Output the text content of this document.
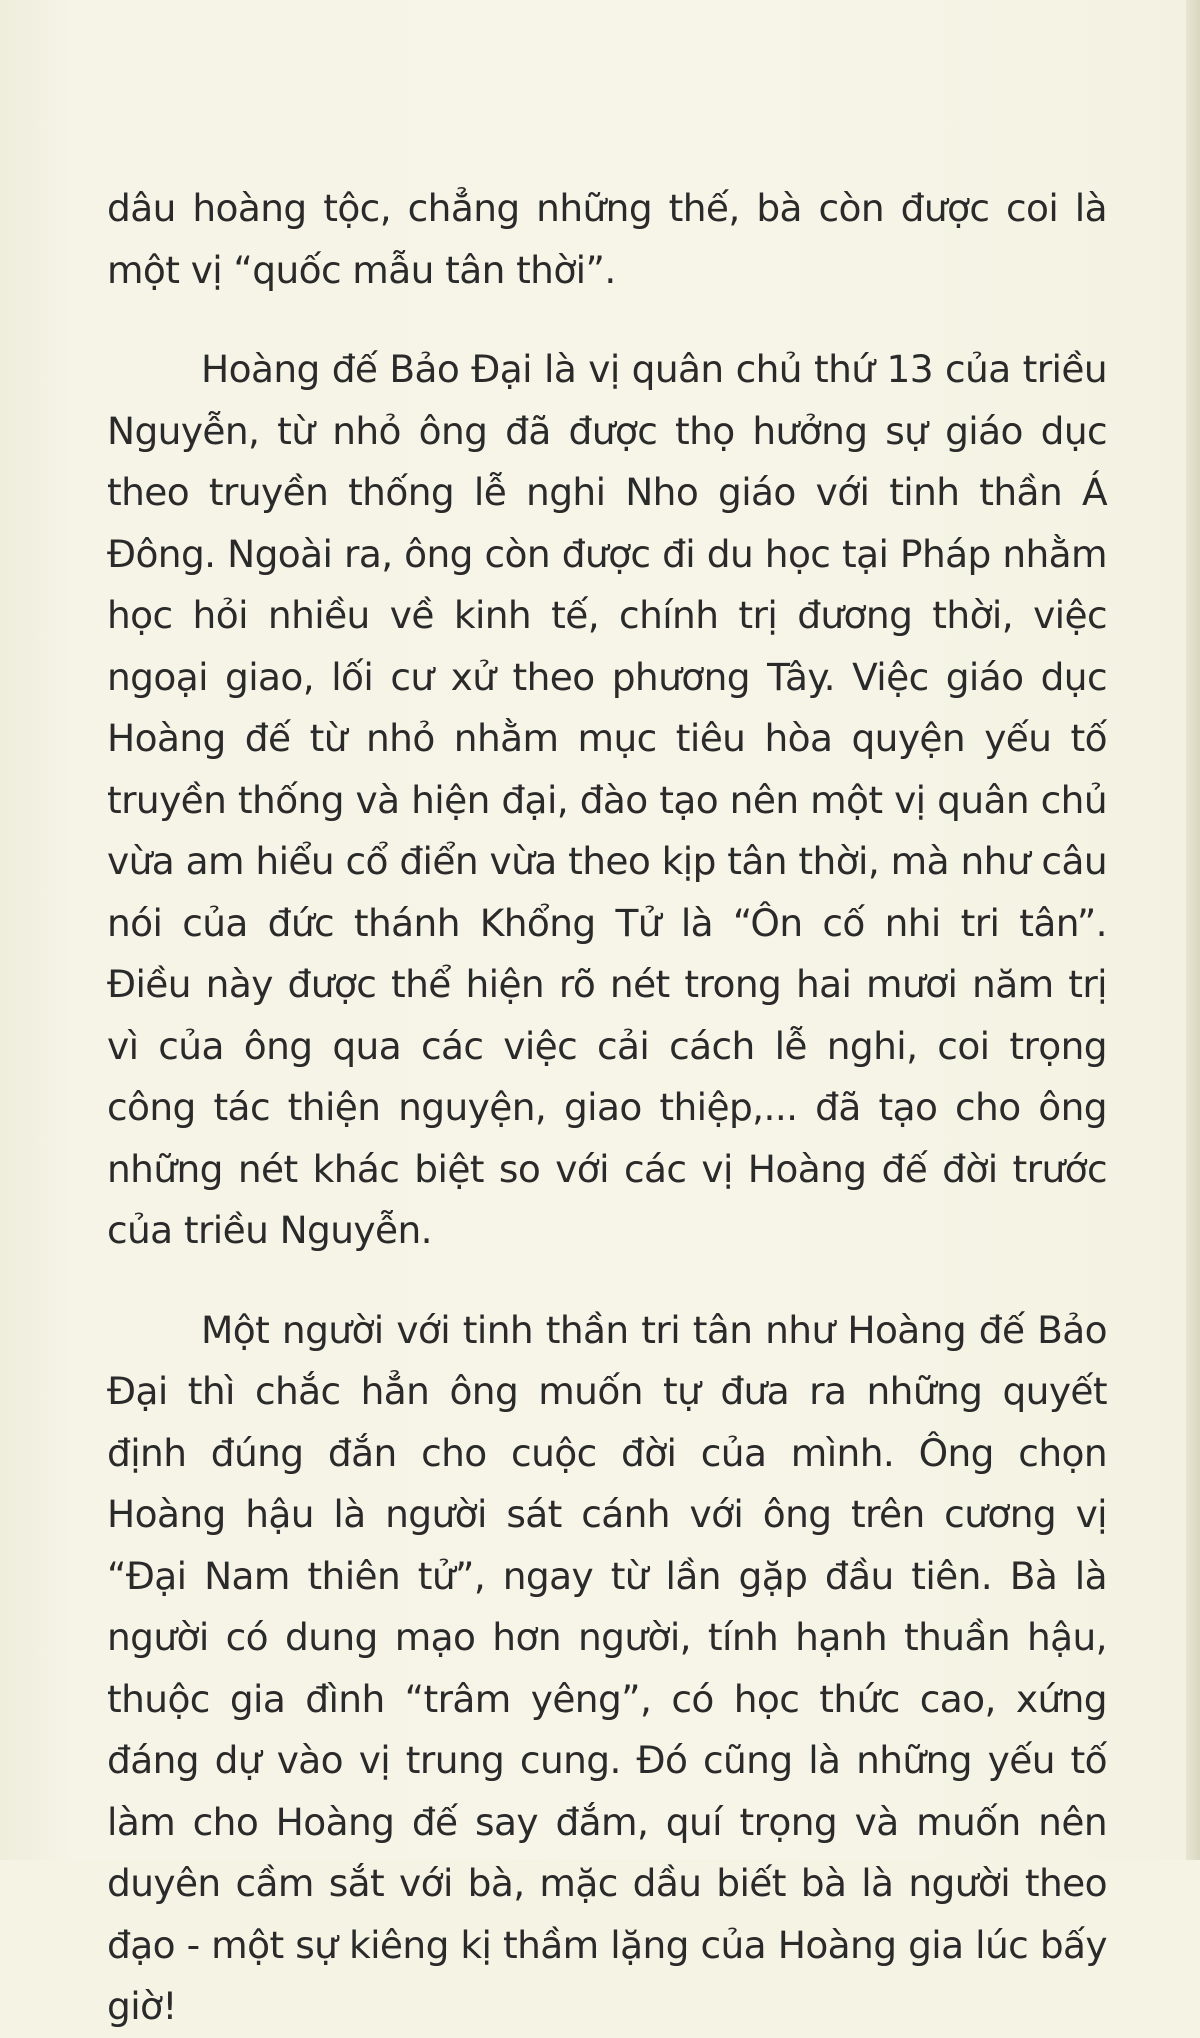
dâu hoàng tộc, chẳng những thế, bà còn được coi là một vị “quốc mẫu tân thời”.

Hoàng đế Bảo Đại là vị quân chủ thứ 13 của triều Nguyễn, từ nhỏ ông đã được thọ hưởng sự giáo dục theo truyền thống lễ nghi Nho giáo với tinh thần Á Đông. Ngoài ra, ông còn được đi du học tại Pháp nhằm học hỏi nhiều về kinh tế, chính trị đương thời, việc ngoại giao, lối cư xử theo phương Tây. Việc giáo dục Hoàng đế từ nhỏ nhằm mục tiêu hòa quyện yếu tố truyền thống và hiện đại, đào tạo nên một vị quân chủ vừa am hiểu cổ điển vừa theo kịp tân thời, mà như câu nói của đức thánh Khổng Tử là “Ôn cố nhi tri tân”. Điều này được thể hiện rõ nét trong hai mươi năm trị vì của ông qua các việc cải cách lễ nghi, coi trọng công tác thiện nguyện, giao thiệp,... đã tạo cho ông những nét khác biệt so với các vị Hoàng đế đời trước của triều Nguyễn.

Một người với tinh thần tri tân như Hoàng đế Bảo Đại thì chắc hẳn ông muốn tự đưa ra những quyết định đúng đắn cho cuộc đời của mình. Ông chọn Hoàng hậu là người sát cánh với ông trên cương vị “Đại Nam thiên tử”, ngay từ lần gặp đầu tiên. Bà là người có dung mạo hơn người, tính hạnh thuần hậu, thuộc gia đình “trâm yêng”, có học thức cao, xứng đáng dự vào vị trung cung. Đó cũng là những yếu tố làm cho Hoàng đế say đắm, quí trọng và muốn nên duyên cầm sắt với bà, mặc dầu biết bà là người theo đạo - một sự kiêng kị thầm lặng của Hoàng gia lúc bấy giờ!
